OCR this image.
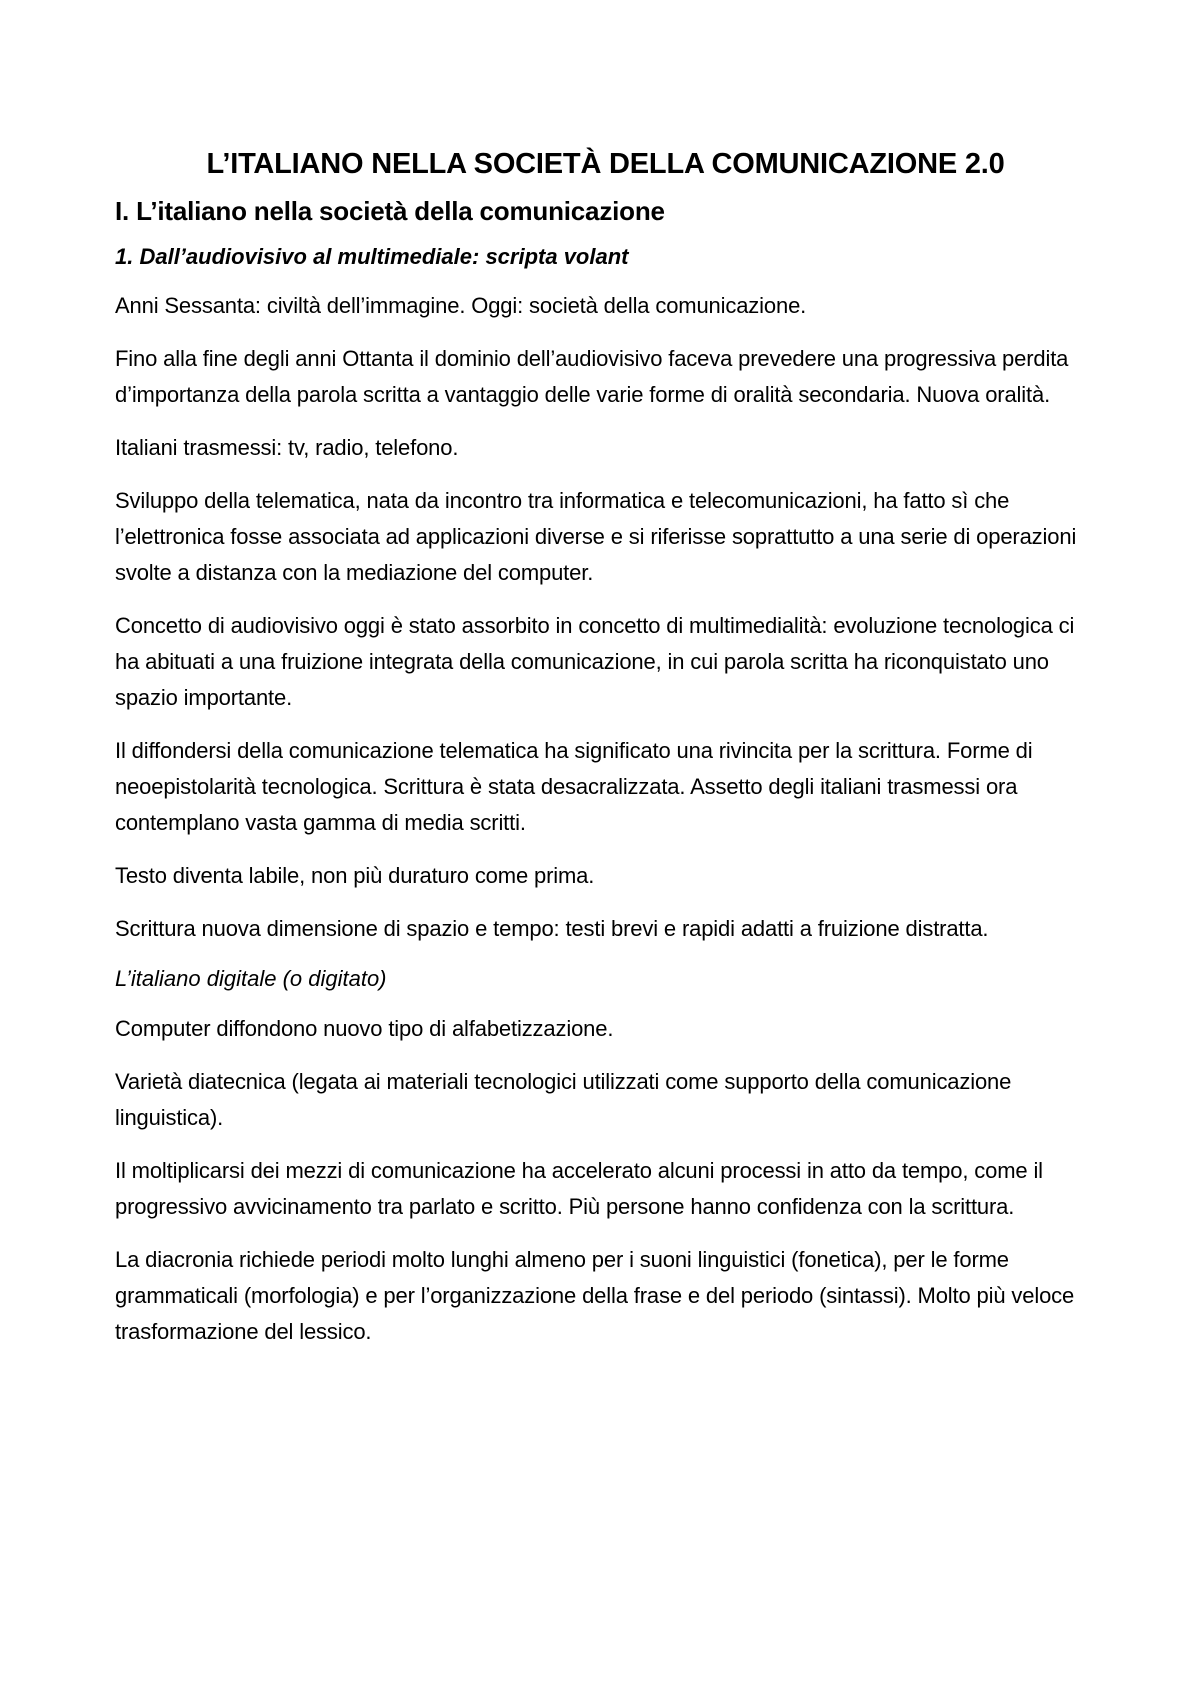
L’ITALIANO NELLA SOCIETÀ DELLA COMUNICAZIONE 2.0
I. L’italiano nella società della comunicazione
1. Dall’audiovisivo al multimediale: scripta volant

Anni Sessanta: civiltà dell’immagine. Oggi: società della comunicazione.

Fino alla fine degli anni Ottanta il dominio dell’audiovisivo faceva prevedere una progressiva perdita d’importanza della parola scritta a vantaggio delle varie forme di oralità secondaria. Nuova oralità.

Italiani trasmessi: tv, radio, telefono.

Sviluppo della telematica, nata da incontro tra informatica e telecomunicazioni, ha fatto sì che l’elettronica fosse associata ad applicazioni diverse e si riferisse soprattutto a una serie di operazioni svolte a distanza con la mediazione del computer.

Concetto di audiovisivo oggi è stato assorbito in concetto di multimedialità: evoluzione tecnologica ci ha abituati a una fruizione integrata della comunicazione, in cui parola scritta ha riconquistato uno spazio importante.

Il diffondersi della comunicazione telematica ha significato una rivincita per la scrittura. Forme di neoepistolarità tecnologica. Scrittura è stata desacralizzata. Assetto degli italiani trasmessi ora contemplano vasta gamma di media scritti.

Testo diventa labile, non più duraturo come prima.

Scrittura nuova dimensione di spazio e tempo: testi brevi e rapidi adatti a fruizione distratta.

L’italiano digitale (o digitato)

Computer diffondono nuovo tipo di alfabetizzazione.

Varietà diatecnica (legata ai materiali tecnologici utilizzati come supporto della comunicazione linguistica).

Il moltiplicarsi dei mezzi di comunicazione ha accelerato alcuni processi in atto da tempo, come il progressivo avvicinamento tra parlato e scritto. Più persone hanno confidenza con la scrittura.

La diacronia richiede periodi molto lunghi almeno per i suoni linguistici (fonetica), per le forme grammaticali (morfologia) e per l’organizzazione della frase e del periodo (sintassi). Molto più veloce trasformazione del lessico.
